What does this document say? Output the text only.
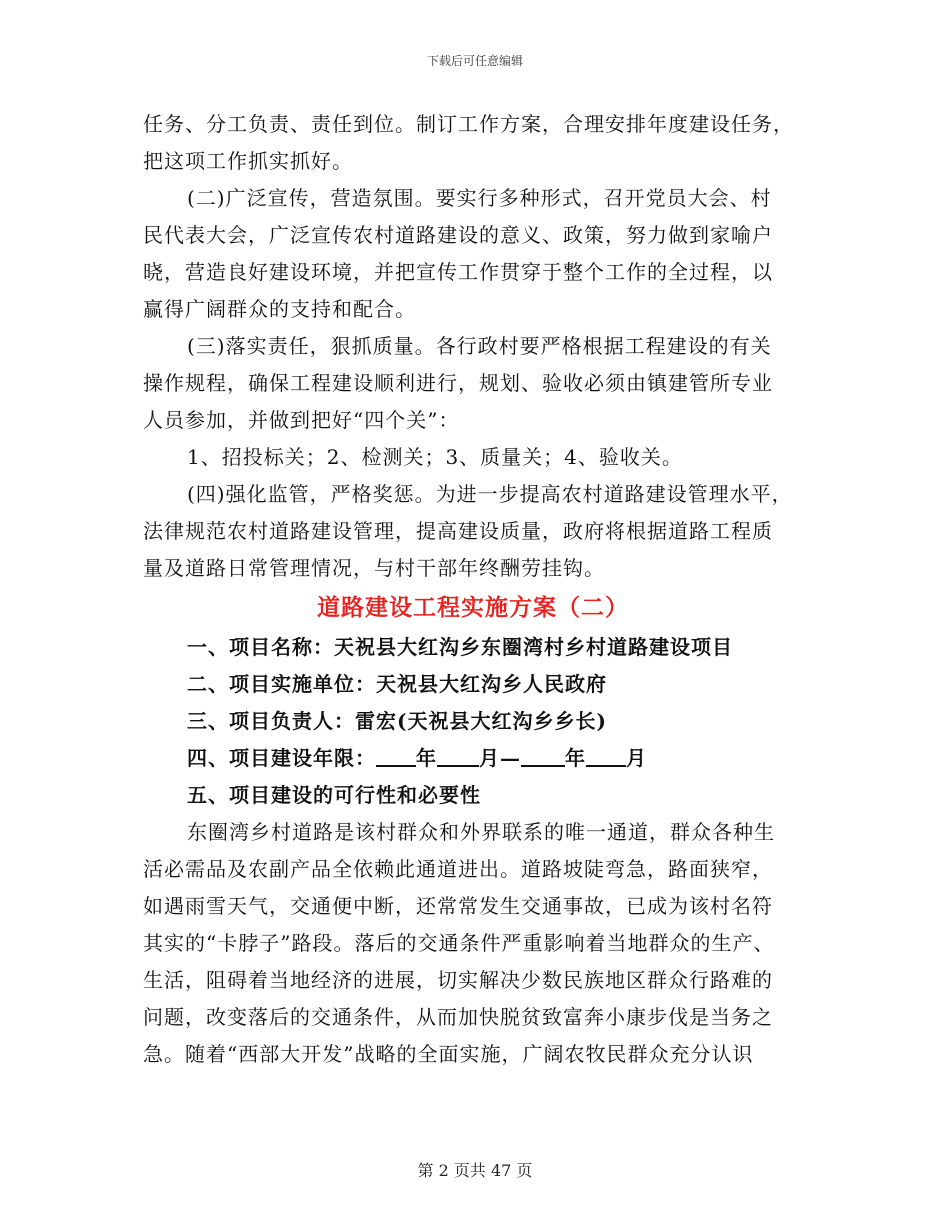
下载后可任意编辑

任务、分工负责、责任到位。制订工作方案，合理安排年度建设任务，

把这项工作抓实抓好。

(二)广泛宣传，营造氛围。要实行多种形式，召开党员大会、村

民代表大会，广泛宣传农村道路建设的意义、政策，努力做到家喻户

晓，营造良好建设环境，并把宣传工作贯穿于整个工作的全过程，以

赢得广阔群众的支持和配合。

(三)落实责任，狠抓质量。各行政村要严格根据工程建设的有关

操作规程，确保工程建设顺利进行，规划、验收必须由镇建管所专业

人员参加，并做到把好“四个关”：

1、招投标关；2、检测关；3、质量关；4、验收关。

(四)强化监管，严格奖惩。为进一步提高农村道路建设管理水平，

法律规范农村道路建设管理，提高建设质量，政府将根据道路工程质

量及道路日常管理情况，与村干部年终酬劳挂钩。

道路建设工程实施方案（二）

一、项目名称：天祝县大红沟乡东圈湾村乡村道路建设项目

二、项目实施单位：天祝县大红沟乡人民政府

三、项目负责人：雷宏(天祝县大红沟乡乡长)

四、项目建设年限： 年 月— 年 月

五、项目建设的可行性和必要性

东圈湾乡村道路是该村群众和外界联系的唯一通道，群众各种生

活必需品及农副产品全依赖此通道进出。道路坡陡弯急，路面狭窄，

如遇雨雪天气，交通便中断，还常常发生交通事故，已成为该村名符

其实的“卡脖子”路段。落后的交通条件严重影响着当地群众的生产、

生活，阻碍着当地经济的进展，切实解决少数民族地区群众行路难的

问题，改变落后的交通条件，从而加快脱贫致富奔小康步伐是当务之

急。随着“西部大开发”战略的全面实施，广阔农牧民群众充分认识

第 2 页共 47 页
